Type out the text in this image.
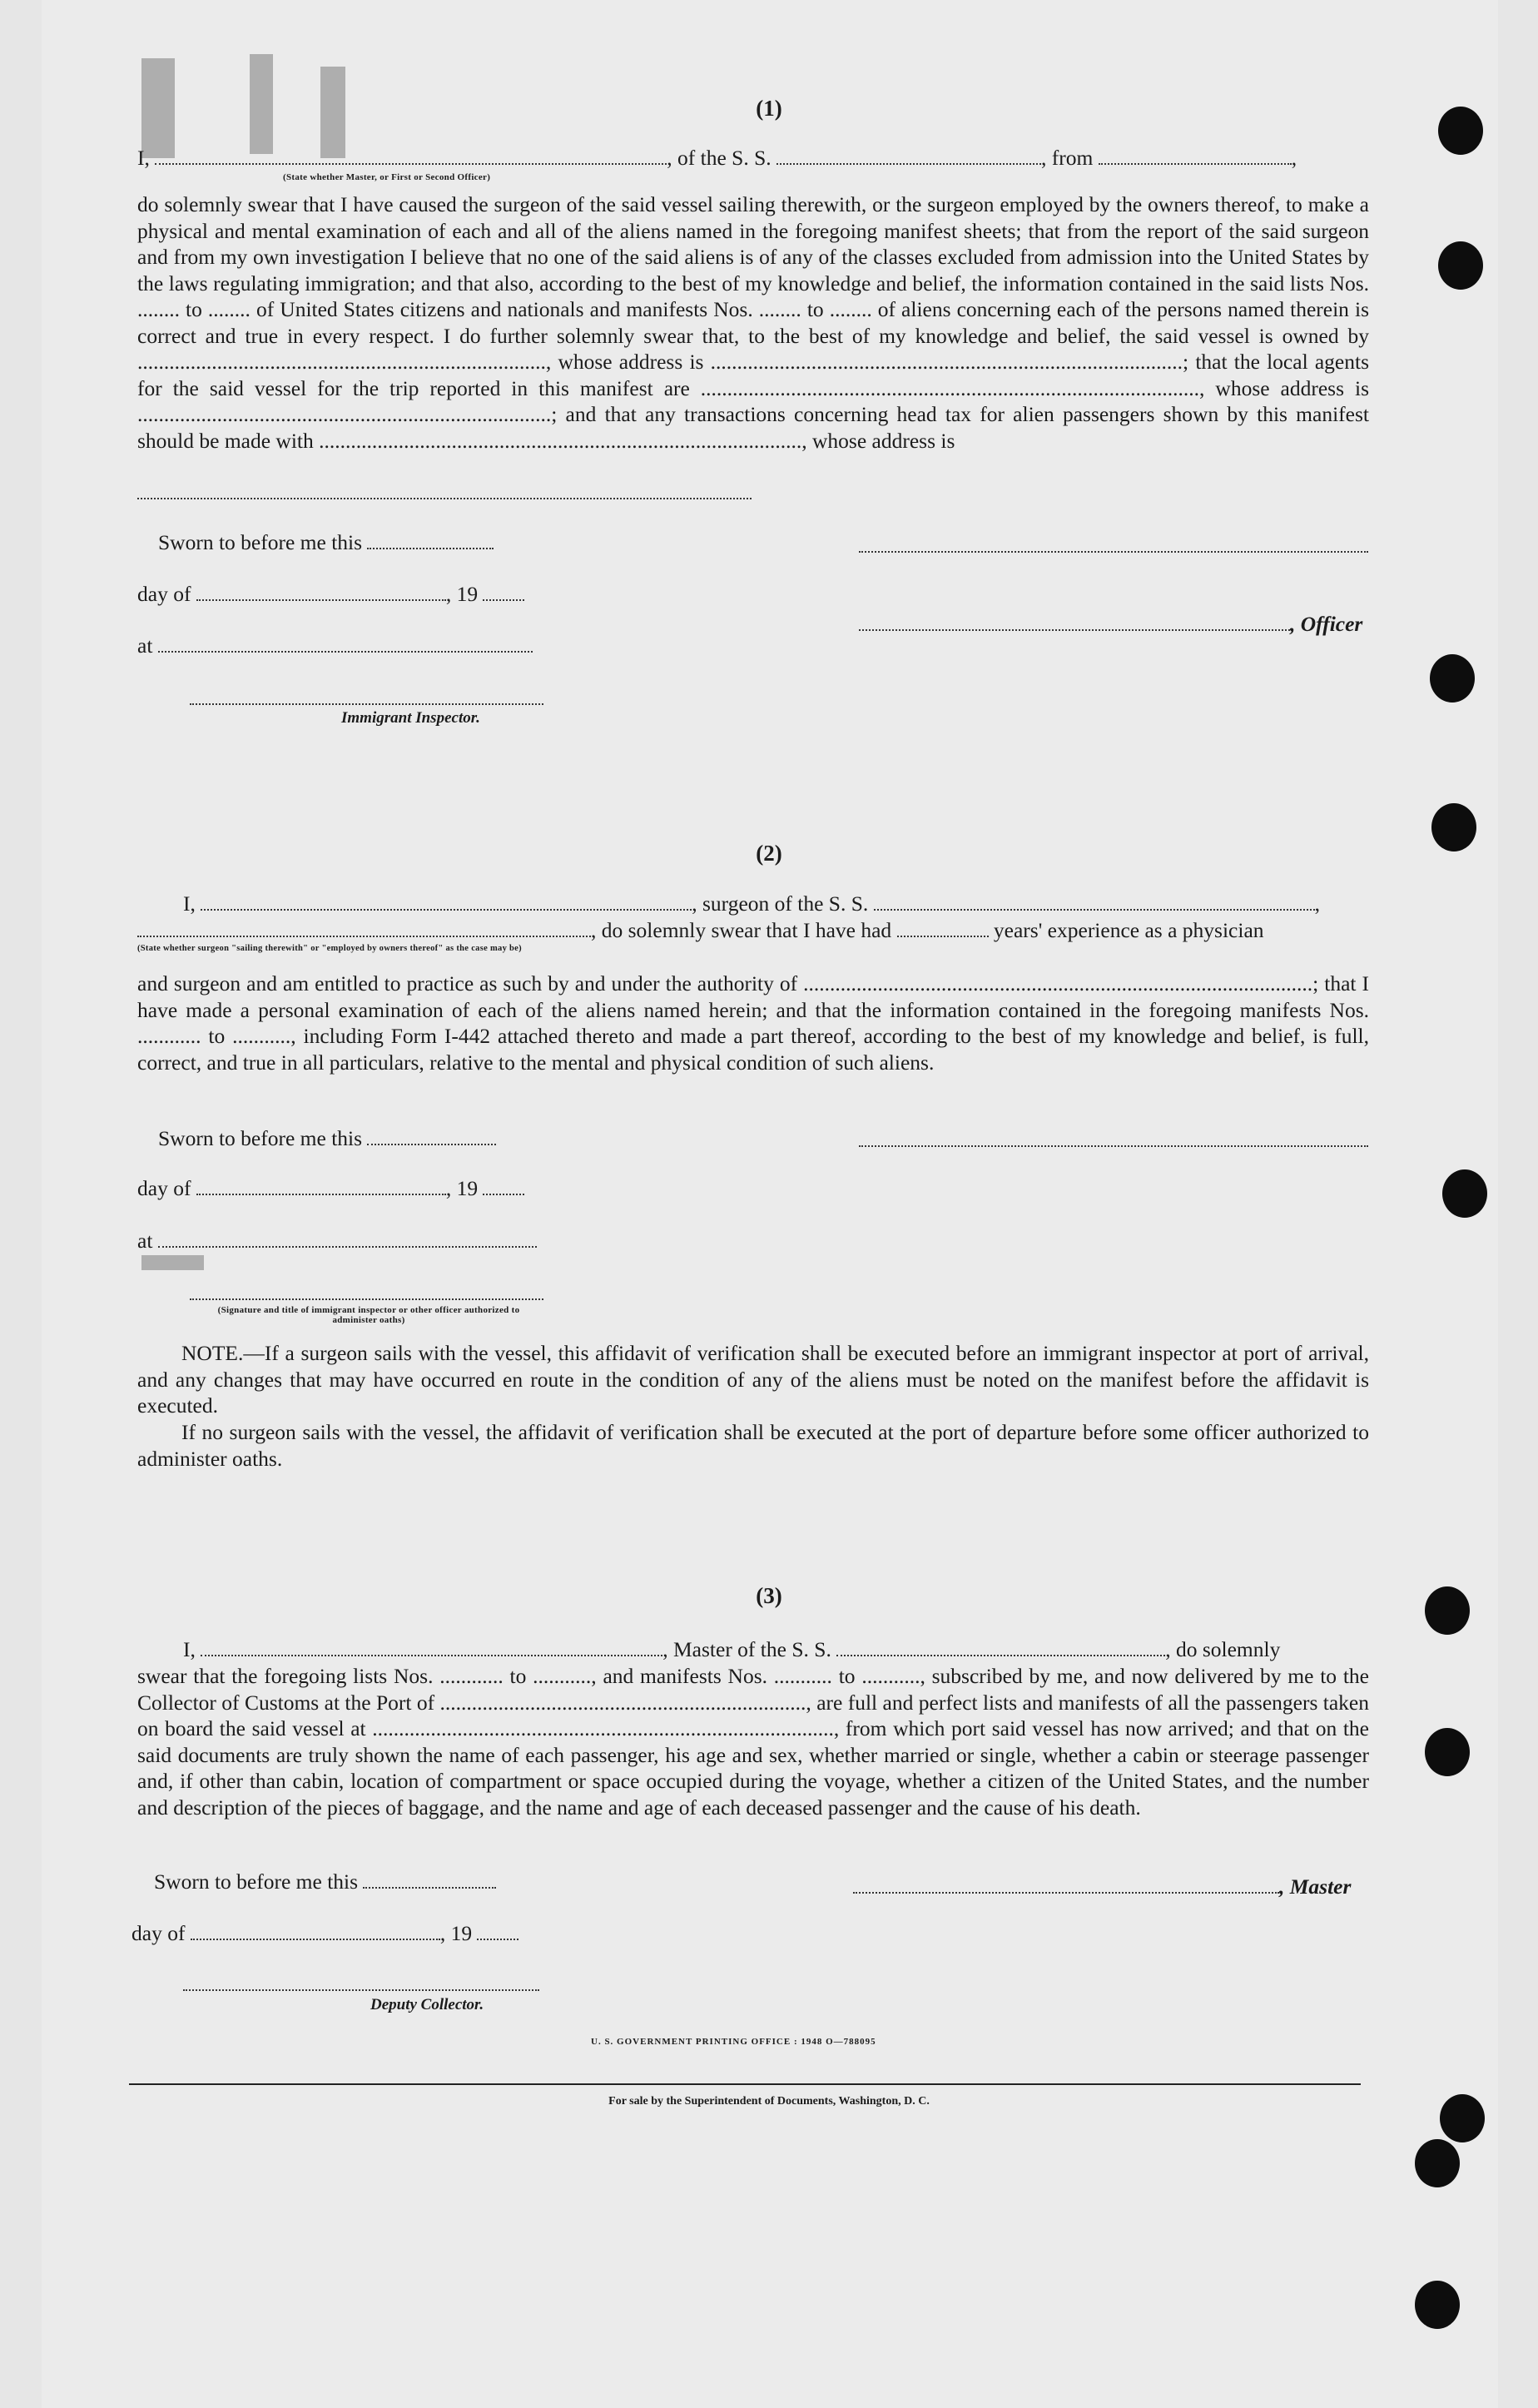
(1)
I,	, of the S. S.	, from	,
(State whether Master, or First or Second Officer)
do solemnly swear that I have caused the surgeon of the said vessel sailing therewith, or the surgeon employed by the owners thereof, to make a physical and mental examination of each and all of the aliens named in the foregoing manifest sheets; that from the report of the said surgeon and from my own investigation I believe that no one of the said aliens is of any of the classes excluded from admission into the United States by the laws regulating immigration; and that also, according to the best of my knowledge and belief, the information contained in the said lists Nos. ........ to ........ of United States citizens and nationals and manifests Nos. ........ to ........ of aliens concerning each of the persons named therein is correct and true in every respect. I do further solemnly swear that, to the best of my knowledge and belief, the said vessel is owned by ............................................................................., whose address is .........................................................................................; that the local agents for the said vessel for the trip reported in this manifest are .............................................................................................., whose address is ..............................................................................; and that any transactions concerning head tax for alien passengers shown by this manifest should be made with ..........................................................................................., whose address is
Sworn to before me this
day of	, 19
, Officer
at
Immigrant Inspector.
(2)
I,	, surgeon of the S. S.	,
, do solemnly swear that I have had	years' experience as a physician
(State whether surgeon "sailing therewith" or "employed by owners thereof" as the case may be)
and surgeon and am entitled to practice as such by and under the authority of ................................................................................................; that I have made a personal examination of each of the aliens named herein; and that the information contained in the foregoing manifests Nos. ............ to ..........., including Form I-442 attached thereto and made a part thereof, according to the best of my knowledge and belief, is full, correct, and true in all particulars, relative to the mental and physical condition of such aliens.
Sworn to before me this
day of	, 19
at
(Signature and title of immigrant inspector or other officer authorized to administer oaths)
NOTE.—If a surgeon sails with the vessel, this affidavit of verification shall be executed before an immigrant inspector at port of arrival, and any changes that may have occurred en route in the condition of any of the aliens must be noted on the manifest before the affidavit is executed.
If no surgeon sails with the vessel, the affidavit of verification shall be executed at the port of departure before some officer authorized to administer oaths.
(3)
I,	, Master of the S. S.	, do solemnly
swear that the foregoing lists Nos. ............ to ..........., and manifests Nos. ........... to ..........., subscribed by me, and now delivered by me to the Collector of Customs at the Port of ....................................................................., are full and perfect lists and manifests of all the passengers taken on board the said vessel at ......................................................................................., from which port said vessel has now arrived; and that on the said documents are truly shown the name of each passenger, his age and sex, whether married or single, whether a cabin or steerage passenger and, if other than cabin, location of compartment or space occupied during the voyage, whether a citizen of the United States, and the number and description of the pieces of baggage, and the name and age of each deceased passenger and the cause of his death.
Sworn to before me this	, Master
day of	, 19
Deputy Collector.
U. S. GOVERNMENT PRINTING OFFICE : 1948 O—788095
For sale by the Superintendent of Documents, Washington, D. C.
